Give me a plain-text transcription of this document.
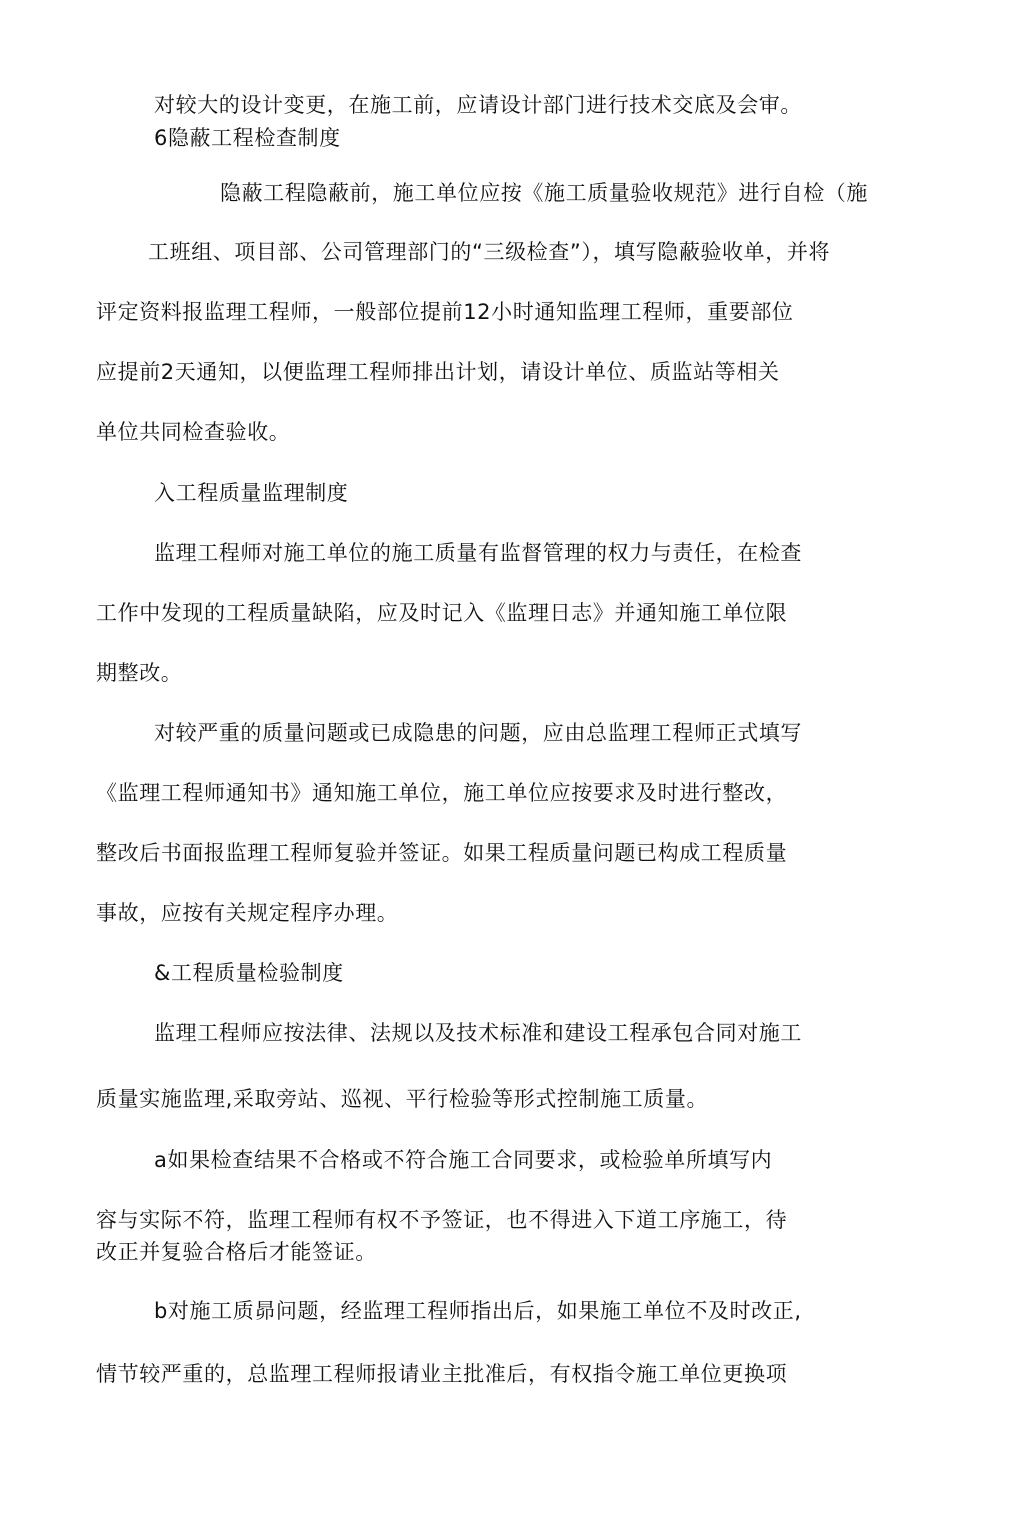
对较大的设计变更，在施工前，应请设计部门进行技术交底及会审。
6隐蔽工程检查制度
隐蔽工程隐蔽前，施工单位应按《施工质量验收规范》进行自检（施
工班组、项目部、公司管理部门的“三级检查”），填写隐蔽验收单，并将
评定资料报监理工程师，一般部位提前12小时通知监理工程师，重要部位
应提前2天通知，以便监理工程师排出计划，请设计单位、质监站等相关
单位共同检查验收。
入工程质量监理制度
监理工程师对施工单位的施工质量有监督管理的权力与责任，在检查
工作中发现的工程质量缺陷，应及时记入《监理日志》并通知施工单位限
期整改。
对较严重的质量问题或已成隐患的问题，应由总监理工程师正式填写
《监理工程师通知书》通知施工单位，施工单位应按要求及时进行整改，
整改后书面报监理工程师复验并签证。如果工程质量问题已构成工程质量
事故，应按有关规定程序办理。
&工程质量检验制度
监理工程师应按法律、法规以及技术标准和建设工程承包合同对施工
质量实施监理,采取旁站、巡视、平行检验等形式控制施工质量。
a如果检查结果不合格或不符合施工合同要求，或检验单所填写内
容与实际不符，监理工程师有权不予签证，也不得进入下道工序施工，待
改正并复验合格后才能签证。
b对施工质昴问题，经监理工程师指出后，如果施工单位不及时改正,
情节较严重的，总监理工程师报请业主批准后，有权指令施工单位更换项
